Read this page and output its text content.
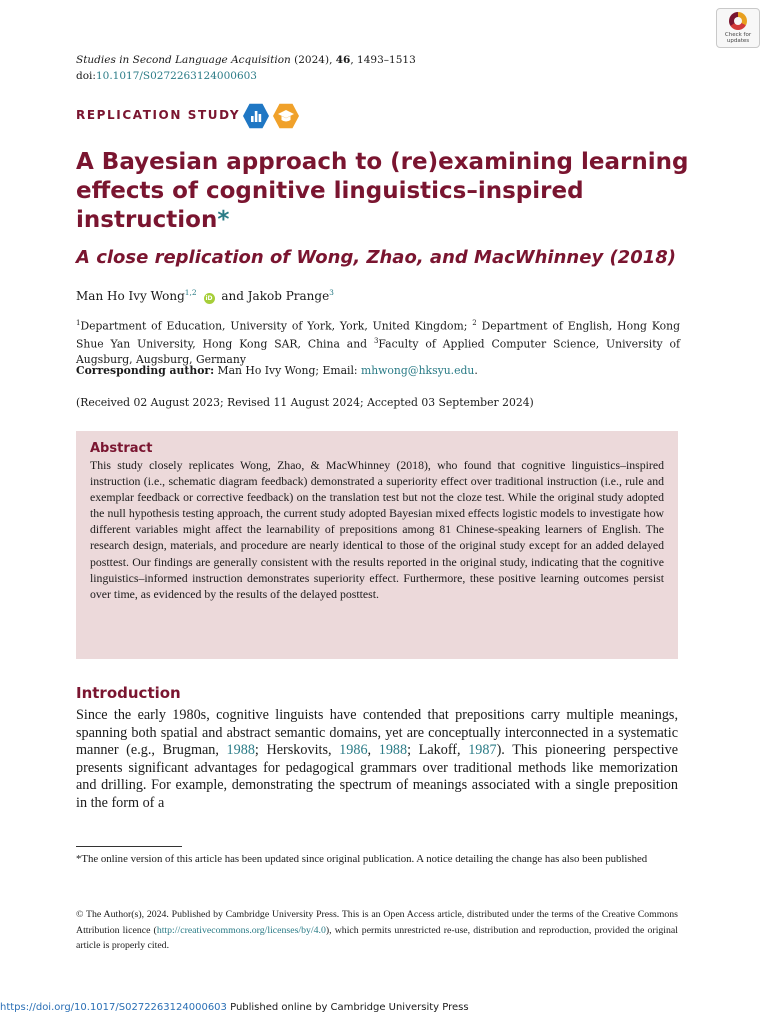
Check for
updates
Studies in Second Language Acquisition (2024), 46, 1493–1513
doi:10.1017/S0272263124000603
REPLICATION STUDY
A Bayesian approach to (re)examining learning effects of cognitive linguistics–inspired instruction*
A close replication of Wong, Zhao, and MacWhinney (2018)
Man Ho Ivy Wong$^{1,2}$ iD and Jakob Prange$^3$
$^1$Department of Education, University of York, York, United Kingdom; $^2$ Department of English, Hong Kong Shue Yan University, Hong Kong SAR, China and $^3$Faculty of Applied Computer Science, University of Augsburg, Augsburg, Germany
Corresponding author: Man Ho Ivy Wong; Email: mhwong@hksyu.edu.
(Received 02 August 2023; Revised 11 August 2024; Accepted 03 September 2024)
Abstract

This study closely replicates Wong, Zhao, & MacWhinney (2018), who found that cognitive linguistics–inspired instruction (i.e., schematic diagram feedback) demonstrated a superiority effect over traditional instruction (i.e., rule and exemplar feedback or corrective feedback) on the translation test but not the cloze test. While the original study adopted the null hypothesis testing approach, the current study adopted Bayesian mixed effects logistic models to investigate how different variables might affect the learnability of prepositions among 81 Chinese-speaking learners of English. The research design, materials, and procedure are nearly identical to those of the original study except for an added delayed posttest. Our findings are generally consistent with the results reported in the original study, indicating that the cognitive linguistics–informed instruction demonstrates superiority effect. Furthermore, these positive learning outcomes persist over time, as evidenced by the results of the delayed posttest.

Introduction

Since the early 1980s, cognitive linguists have contended that prepositions carry multiple meanings, spanning both spatial and abstract semantic domains, yet are conceptually interconnected in a systematic manner (e.g., Brugman, 1988; Herskovits, 1986, 1988; Lakoff, 1987). This pioneering perspective presents significant advantages for pedagogical grammars over traditional methods like memorization and drilling. For example, demonstrating the spectrum of meanings associated with a single preposition in the form of a

*The online version of this article has been updated since original publication. A notice detailing the change has also been published

© The Author(s), 2024. Published by Cambridge University Press. This is an Open Access article, distributed under the terms of the Creative Commons Attribution licence (http://creativecommons.org/licenses/by/4.0), which permits unrestricted re-use, distribution and reproduction, provided the original article is properly cited.

https://doi.org/10.1017/S0272263124000603 Published online by Cambridge University Press
